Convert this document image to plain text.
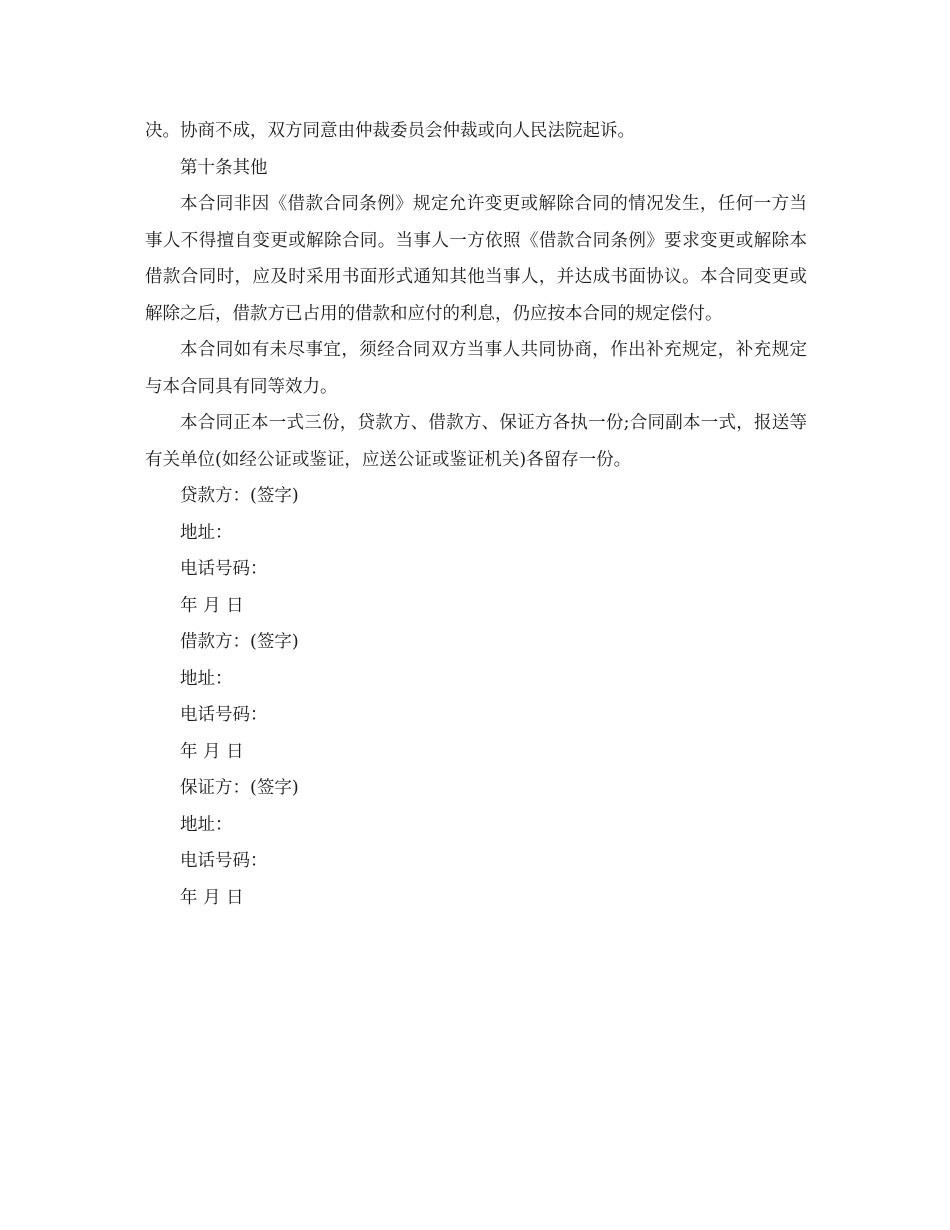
决。协商不成，双方同意由仲裁委员会仲裁或向人民法院起诉。

第十条其他

本合同非因《借款合同条例》规定允许变更或解除合同的情况发生，任何一方当事人不得擅自变更或解除合同。当事人一方依照《借款合同条例》要求变更或解除本借款合同时，应及时采用书面形式通知其他当事人，并达成书面协议。本合同变更或解除之后，借款方已占用的借款和应付的利息，仍应按本合同的规定偿付。

本合同如有未尽事宜，须经合同双方当事人共同协商，作出补充规定，补充规定与本合同具有同等效力。

本合同正本一式三份，贷款方、借款方、保证方各执一份;合同副本一式，报送等有关单位(如经公证或鉴证，应送公证或鉴证机关)各留存一份。

贷款方：(签字)

地址：

电话号码：

年 月 日

借款方：(签字)

地址：

电话号码：

年 月 日

保证方：(签字)

地址：

电话号码：

年 月 日
